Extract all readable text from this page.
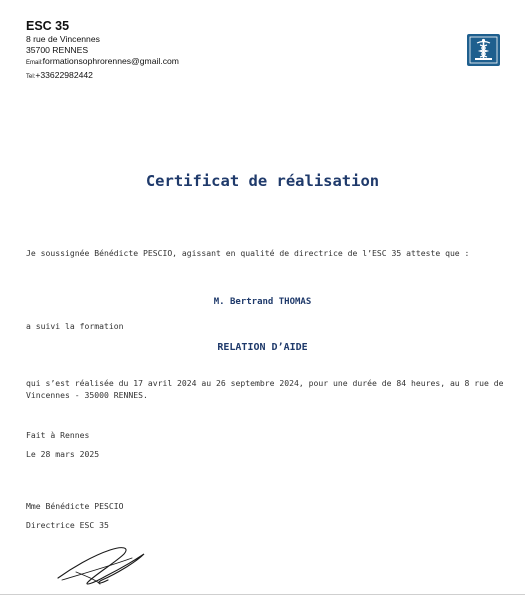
ESC 35
8 rue de Vincennes
35700 RENNES
Email:formationsophrorennes@gmail.com
Tel:+33622982442
Certificat de réalisation
Je soussignée Bénédicte PESCIO, agissant en qualité de directrice de l’ESC 35 atteste que :
M. Bertrand THOMAS
a suivi la formation
RELATION D’AIDE
qui s’est réalisée du 17 avril 2024 au 26 septembre 2024, pour une durée de 84 heures, au 8 rue de Vincennes - 35000 RENNES.
Fait à Rennes
Le 28 mars 2025
Mme Bénédicte PESCIO
Directrice ESC 35
